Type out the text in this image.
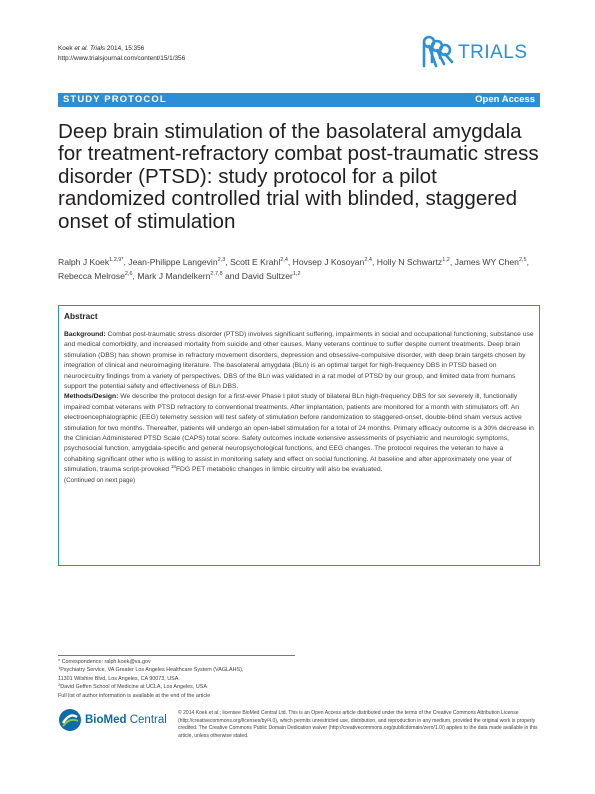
Koek et al. Trials 2014, 15:356
http://www.trialsjournal.com/content/15/1/356	TRIALS
STUDY PROTOCOL	Open Access
Deep brain stimulation of the basolateral amygdala for treatment-refractory combat post-traumatic stress disorder (PTSD): study protocol for a pilot randomized controlled trial with blinded, staggered onset of stimulation
Ralph J Koek$^{1,2,9*}$, Jean-Philippe Langevin$^{2,3}$, Scott E Krahl$^{2,4}$, Hovsep J Kosoyan$^{2,4}$, Holly N Schwartz$^{1,2}$, James WY Chen$^{2,5}$, Rebecca Melrose$^{2,6}$, Mark J Mandelkern$^{2,7,8}$ and David Sultzer$^{1,2}$
Abstract

Background: Combat post-traumatic stress disorder (PTSD) involves significant suffering, impairments in social and occupational functioning, substance use and medical comorbidity, and increased mortality from suicide and other causes. Many veterans continue to suffer despite current treatments. Deep brain stimulation (DBS) has shown promise in refractory movement disorders, depression and obsessive-compulsive disorder, with deep brain targets chosen by integration of clinical and neuroimaging literature. The basolateral amygdala (BLn) is an optimal target for high-frequency DBS in PTSD based on neurocircuitry findings from a variety of perspectives. DBS of the BLn was validated in a rat model of PTSD by our group, and limited data from humans support the potential safety and effectiveness of BLn DBS.

Methods/Design: We describe the protocol design for a first-ever Phase I pilot study of bilateral BLn high-frequency DBS for six severely ill, functionally impaired combat veterans with PTSD refractory to conventional treatments. After implantation, patients are monitored for a month with stimulators off. An electroencephalographic (EEG) telemetry session will test safety of stimulation before randomization to staggered-onset, double-blind sham versus active stimulation for two months. Thereafter, patients will undergo an open-label stimulation for a total of 24 months. Primary efficacy outcome is a 30% decrease in the Clinician Administered PTSD Scale (CAPS) total score. Safety outcomes include extensive assessments of psychiatric and neurologic symptoms, psychosocial function, amygdala-specific and general neuropsychological functions, and EEG changes. The protocol requires the veteran to have a cohabiting significant other who is willing to assist in monitoring safety and effect on social functioning. At baseline and after approximately one year of stimulation, trauma script-provoked $^{18}$FDG PET metabolic changes in limbic circuitry will also be evaluated.

(Continued on next page)

* Correspondence: ralph.koek@va.gov
$^1$Psychiatry Service, VA Greater Los Angeles Healthcare System (VAGLAHS),
11301 Wilshire Blvd, Los Angeles, CA 90073, USA
$^2$David Geffen School of Medicine at UCLA, Los Angeles, USA
Full list of author information is available at the end of the article
BioMed Central
© 2014 Koek et al.; licensee BioMed Central Ltd. This is an Open Access article distributed under the terms of the Creative Commons Attribution License (http://creativecommons.org/licenses/by/4.0), which permits unrestricted use, distribution, and reproduction in any medium, provided the original work is properly credited. The Creative Commons Public Domain Dedication waiver (http://creativecommons.org/publicdomain/zero/1.0/) applies to the data made available in this article, unless otherwise stated.
